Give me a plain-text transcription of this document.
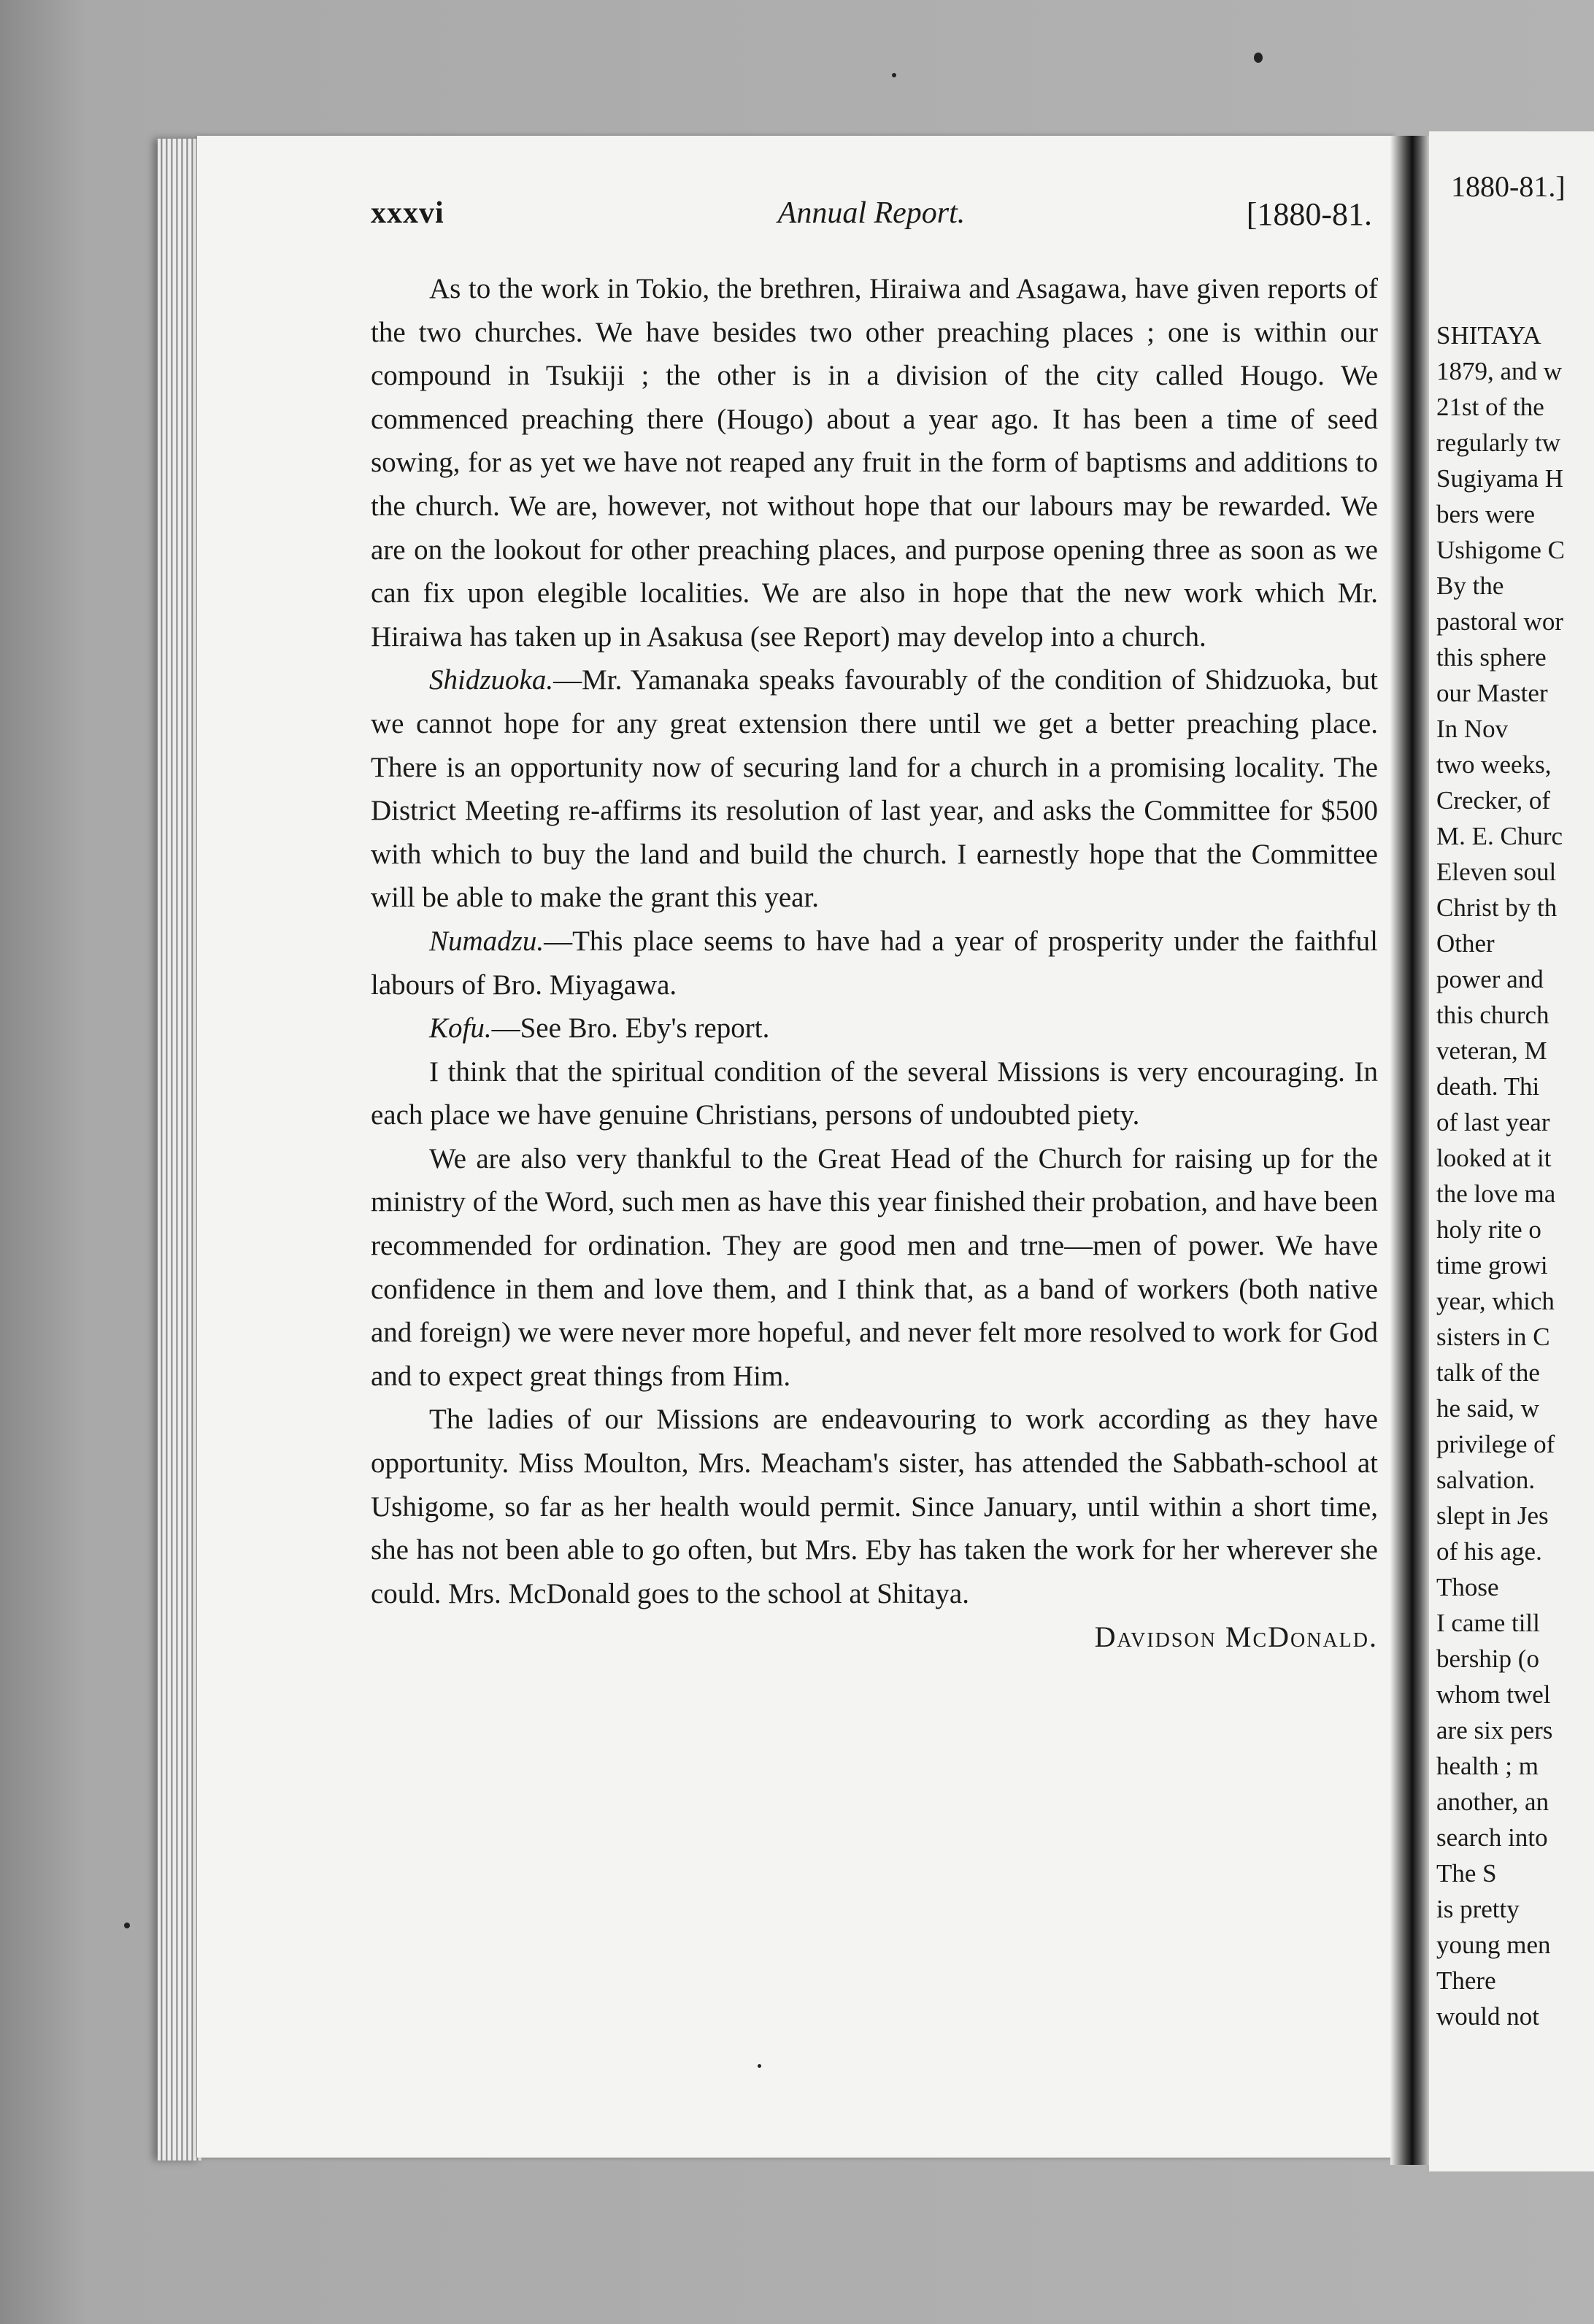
xxxvi	Annual Report.	[1880-81.

As to the work in Tokio, the brethren, Hiraiwa and Asagawa, have given reports of the two churches. We have besides two other preaching places ; one is within our compound in Tsukiji ; the other is in a division of the city called Hougo. We commenced preaching there (Hougo) about a year ago. It has been a time of seed sowing, for as yet we have not reaped any fruit in the form of baptisms and additions to the church. We are, however, not without hope that our labours may be rewarded. We are on the lookout for other preaching places, and purpose opening three as soon as we can fix upon elegible localities. We are also in hope that the new work which Mr. Hiraiwa has taken up in Asakusa (see Report) may develop into a church.

Shidzuoka.—Mr. Yamanaka speaks favourably of the condition of Shidzuoka, but we cannot hope for any great extension there until we get a better preaching place. There is an opportunity now of securing land for a church in a promising locality. The District Meeting re-affirms its resolution of last year, and asks the Committee for $500 with which to buy the land and build the church. I earnestly hope that the Committee will be able to make the grant this year.

Numadzu.—This place seems to have had a year of prosperity under the faithful labours of Bro. Miyagawa.

Kofu.—See Bro. Eby's report.

I think that the spiritual condition of the several Missions is very encouraging. In each place we have genuine Christians, persons of undoubted piety.

We are also very thankful to the Great Head of the Church for raising up for the ministry of the Word, such men as have this year finished their probation, and have been recommended for ordination. They are good men and trne—men of power. We have confidence in them and love them, and I think that, as a band of workers (both native and foreign) we were never more hopeful, and never felt more resolved to work for God and to expect great things from Him.

The ladies of our Missions are endeavouring to work according as they have opportunity. Miss Moulton, Mrs. Meacham's sister, has attended the Sabbath-school at Ushigome, so far as her health would permit. Since January, until within a short time, she has not been able to go often, but Mrs. Eby has taken the work for her wherever she could. Mrs. McDonald goes to the school at Shitaya.

Davidson McDonald.
1880-81.]
SHITAYA
1879, and w
21st of the
regularly tw
Sugiyama H
bers were
Ushigome C
By the
pastoral wor
this sphere
our Master
In Nov
two weeks,
Crecker, of
M. E. Churc
Eleven soul
Christ by th
Other
power and
this church
veteran, M
death. Thi
of last year
looked at it
the love ma
holy rite o
time growi
year, which
sisters in C
talk of the
he said, w
privilege of
salvation.
slept in Jes
of his age.
Those
I came till
bership (o
whom twel
are six pers
health ; m
another, an
search into
The S
is pretty
young men
There
would not
